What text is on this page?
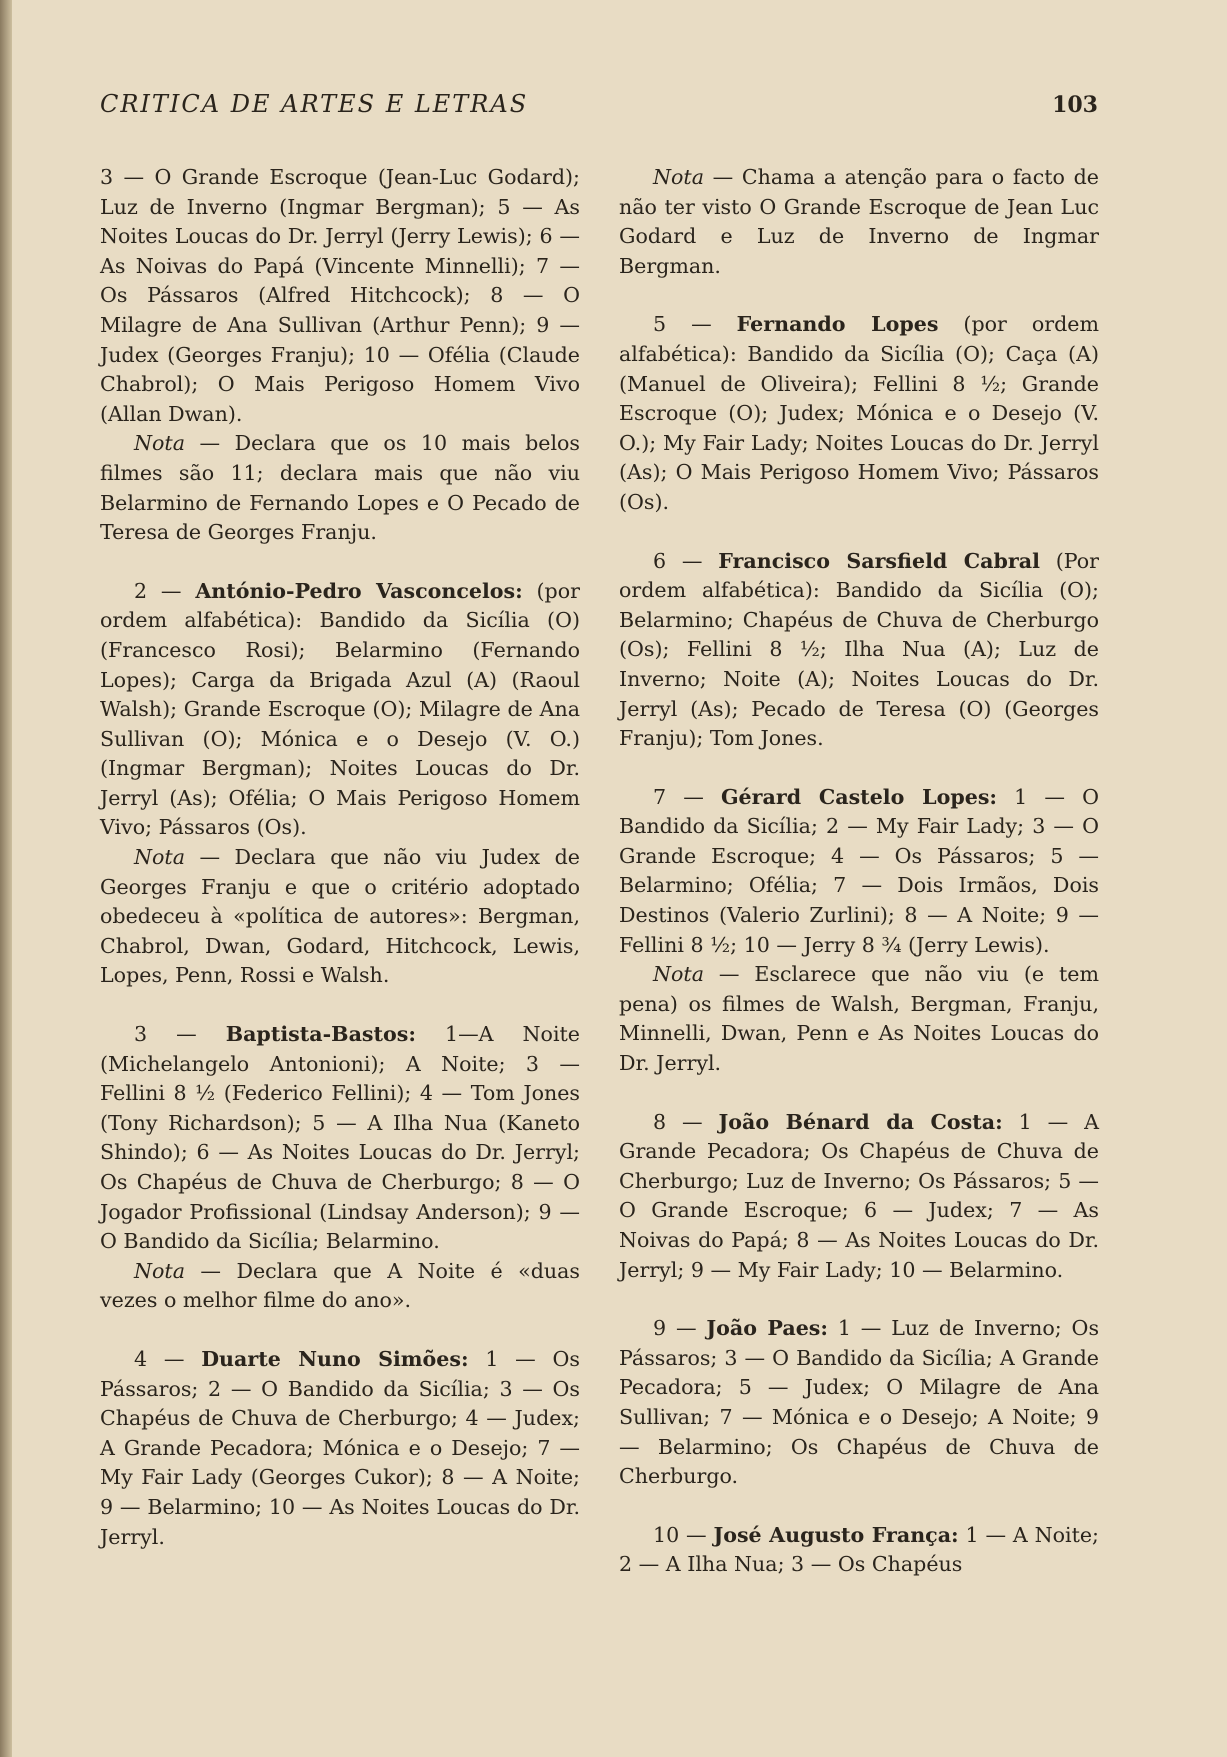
CRITICA DE ARTES E LETRAS	103

3 — O Grande Escroque (Jean-Luc Godard); Luz de Inverno (Ingmar Bergman); 5 — As Noites Loucas do Dr. Jerryl (Jerry Lewis); 6 — As Noivas do Papá (Vincente Minnelli); 7 — Os Pássaros (Alfred Hitchcock); 8 — O Milagre de Ana Sullivan (Arthur Penn); 9 — Judex (Georges Franju); 10 — Ofélia (Claude Chabrol); O Mais Perigoso Homem Vivo (Allan Dwan).

Nota — Declara que os 10 mais belos filmes são 11; declara mais que não viu Belarmino de Fernando Lopes e O Pecado de Teresa de Georges Franju.

2 — António-Pedro Vasconcelos: (por ordem alfabética): Bandido da Sicília (O) (Francesco Rosi); Belarmino (Fernando Lopes); Carga da Brigada Azul (A) (Raoul Walsh); Grande Escroque (O); Milagre de Ana Sullivan (O); Mónica e o Desejo (V. O.) (Ingmar Bergman); Noites Loucas do Dr. Jerryl (As); Ofélia; O Mais Perigoso Homem Vivo; Pássaros (Os).

Nota — Declara que não viu Judex de Georges Franju e que o critério adoptado obedeceu à «política de autores»: Bergman, Chabrol, Dwan, Godard, Hitchcock, Lewis, Lopes, Penn, Rossi e Walsh.

3 — Baptista-Bastos: 1—A Noite (Michelangelo Antonioni); A Noite; 3 — Fellini 8 ½ (Federico Fellini); 4 — Tom Jones (Tony Richardson); 5 — A Ilha Nua (Kaneto Shindo); 6 — As Noites Loucas do Dr. Jerryl; Os Chapéus de Chuva de Cherburgo; 8 — O Jogador Profissional (Lindsay Anderson); 9 — O Bandido da Sicília; Belarmino.

Nota — Declara que A Noite é «duas vezes o melhor filme do ano».

4 — Duarte Nuno Simões: 1 — Os Pássaros; 2 — O Bandido da Sicília; 3 — Os Chapéus de Chuva de Cherburgo; 4 — Judex; A Grande Pecadora; Mónica e o Desejo; 7 — My Fair Lady (Georges Cukor); 8 — A Noite; 9 — Belarmino; 10 — As Noites Loucas do Dr. Jerryl.

Nota — Chama a atenção para o facto de não ter visto O Grande Escroque de Jean Luc Godard e Luz de Inverno de Ingmar Bergman.

5 — Fernando Lopes (por ordem alfabética): Bandido da Sicília (O); Caça (A) (Manuel de Oliveira); Fellini 8 ½; Grande Escroque (O); Judex; Mónica e o Desejo (V. O.); My Fair Lady; Noites Loucas do Dr. Jerryl (As); O Mais Perigoso Homem Vivo; Pássaros (Os).

6 — Francisco Sarsfield Cabral (Por ordem alfabética): Bandido da Sicília (O); Belarmino; Chapéus de Chuva de Cherburgo (Os); Fellini 8 ½; Ilha Nua (A); Luz de Inverno; Noite (A); Noites Loucas do Dr. Jerryl (As); Pecado de Teresa (O) (Georges Franju); Tom Jones.

7 — Gérard Castelo Lopes: 1 — O Bandido da Sicília; 2 — My Fair Lady; 3 — O Grande Escroque; 4 — Os Pássaros; 5 — Belarmino; Ofélia; 7 — Dois Irmãos, Dois Destinos (Valerio Zurlini); 8 — A Noite; 9 — Fellini 8 ½; 10 — Jerry 8 ¾ (Jerry Lewis).

Nota — Esclarece que não viu (e tem pena) os filmes de Walsh, Bergman, Franju, Minnelli, Dwan, Penn e As Noites Loucas do Dr. Jerryl.

8 — João Bénard da Costa: 1 — A Grande Pecadora; Os Chapéus de Chuva de Cherburgo; Luz de Inverno; Os Pássaros; 5 — O Grande Escroque; 6 — Judex; 7 — As Noivas do Papá; 8 — As Noites Loucas do Dr. Jerryl; 9 — My Fair Lady; 10 — Belarmino.

9 — João Paes: 1 — Luz de Inverno; Os Pássaros; 3 — O Bandido da Sicília; A Grande Pecadora; 5 — Judex; O Milagre de Ana Sullivan; 7 — Mónica e o Desejo; A Noite; 9 — Belarmino; Os Chapéus de Chuva de Cherburgo.

10 — José Augusto França: 1 — A Noite; 2 — A Ilha Nua; 3 — Os Chapéus
